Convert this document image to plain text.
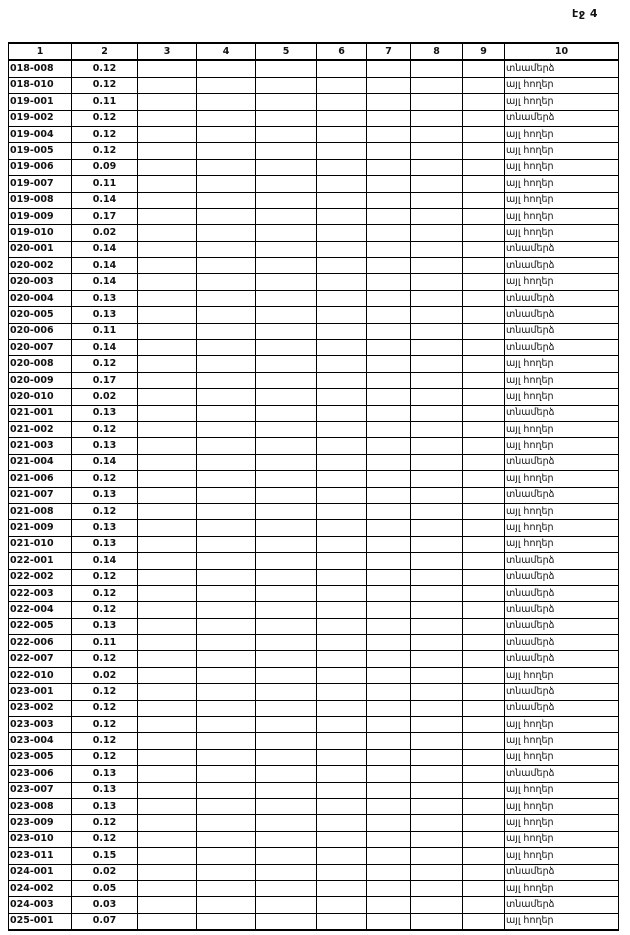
էջ 4
1	2	3	4	5	6	7	8	9	10
018-008	0.12								տնամերձ
018-010	0.12								այլ հողեր
019-001	0.11								այլ հողեր
019-002	0.12								տնամերձ
019-004	0.12								այլ հողեր
019-005	0.12								այլ հողեր
019-006	0.09								այլ հողեր
019-007	0.11								այլ հողեր
019-008	0.14								այլ հողեր
019-009	0.17								այլ հողեր
019-010	0.02								այլ հողեր
020-001	0.14								տնամերձ
020-002	0.14								տնամերձ
020-003	0.14								այլ հողեր
020-004	0.13								տնամերձ
020-005	0.13								տնամերձ
020-006	0.11								տնամերձ
020-007	0.14								տնամերձ
020-008	0.12								այլ հողեր
020-009	0.17								այլ հողեր
020-010	0.02								այլ հողեր
021-001	0.13								տնամերձ
021-002	0.12								այլ հողեր
021-003	0.13								այլ հողեր
021-004	0.14								տնամերձ
021-006	0.12								այլ հողեր
021-007	0.13								տնամերձ
021-008	0.12								այլ հողեր
021-009	0.13								այլ հողեր
021-010	0.13								այլ հողեր
022-001	0.14								տնամերձ
022-002	0.12								տնամերձ
022-003	0.12								տնամերձ
022-004	0.12								տնամերձ
022-005	0.13								տնամերձ
022-006	0.11								տնամերձ
022-007	0.12								տնամերձ
022-010	0.02								այլ հողեր
023-001	0.12								տնամերձ
023-002	0.12								տնամերձ
023-003	0.12								այլ հողեր
023-004	0.12								այլ հողեր
023-005	0.12								այլ հողեր
023-006	0.13								տնամերձ
023-007	0.13								այլ հողեր
023-008	0.13								այլ հողեր
023-009	0.12								այլ հողեր
023-010	0.12								այլ հողեր
023-011	0.15								այլ հողեր
024-001	0.02								տնամերձ
024-002	0.05								այլ հողեր
024-003	0.03								տնամերձ
025-001	0.07								այլ հողեր
